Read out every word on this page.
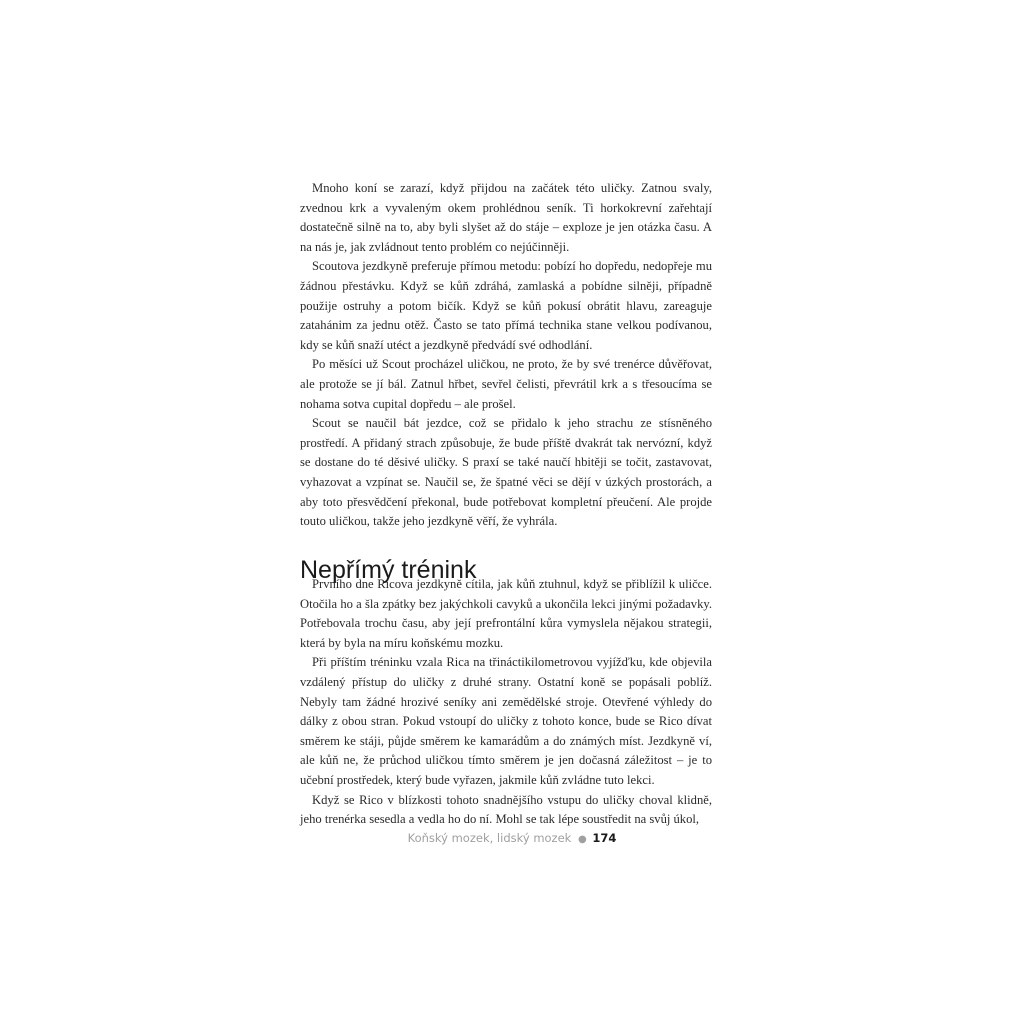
Mnoho koní se zarazí, když přijdou na začátek této uličky. Zatnou svaly, zvednou krk a vyvaleným okem prohlédnou seník. Ti horkokrevní zařehtají dostatečně silně na to, aby byli slyšet až do stáje – exploze je jen otázka času. A na nás je, jak zvládnout tento problém co nejúčinněji.

Scoutova jezdkyně preferuje přímou metodu: pobízí ho dopředu, nedopřeje mu žádnou přestávku. Když se kůň zdráhá, zamlaská a pobídne silněji, případně použije ostruhy a potom bičík. Když se kůň pokusí obrátit hlavu, zareaguje zatahánim za jednu otěž. Často se tato přímá technika stane velkou podívanou, kdy se kůň snaží utéct a jezdkyně předvádí své odhodlání.

Po měsíci už Scout procházel uličkou, ne proto, že by své trenérce důvěřovat, ale protože se jí bál. Zatnul hřbet, sevřel čelisti, převrátil krk a s třesoucíma se nohama sotva cupital dopředu – ale prošel.

Scout se naučil bát jezdce, což se přidalo k jeho strachu ze stísněného prostředí. A přidaný strach způsobuje, že bude příště dvakrát tak nervózní, když se dostane do té děsivé uličky. S praxí se také naučí hbitěji se točit, zastavovat, vyhazovat a vzpínat se. Naučil se, že špatné věci se dějí v úzkých prostorách, a aby toto přesvědčení překonal, bude potřebovat kompletní přeučení. Ale projde touto uličkou, takže jeho jezdkyně věří, že vyhrála.

Nepřímý trénink

Prvního dne Ricova jezdkyně cítila, jak kůň ztuhnul, když se přiblížil k uličce. Otočila ho a šla zpátky bez jakýchkoli cavyků a ukončila lekci jinými požadavky. Potřebovala trochu času, aby její prefrontální kůra vymyslela nějakou strategii, která by byla na míru koňskému mozku.

Při příštím tréninku vzala Rica na třináctikilometrovou vyjížďku, kde objevila vzdálený přístup do uličky z druhé strany. Ostatní koně se popásali poblíž. Nebyly tam žádné hrozivé seníky ani zemědělské stroje. Otevřené výhledy do dálky z obou stran. Pokud vstoupí do uličky z tohoto konce, bude se Rico dívat směrem ke stáji, půjde směrem ke kamarádům a do známých míst. Jezdkyně ví, ale kůň ne, že průchod uličkou tímto směrem je jen dočasná záležitost – je to učební prostředek, který bude vyřazen, jakmile kůň zvládne tuto lekci.

Když se Rico v blízkosti tohoto snadnějšího vstupu do uličky choval klidně, jeho trenérka sesedla a vedla ho do ní. Mohl se tak lépe soustředit na svůj úkol,

Koňský mozek, lidský mozek ● 174
